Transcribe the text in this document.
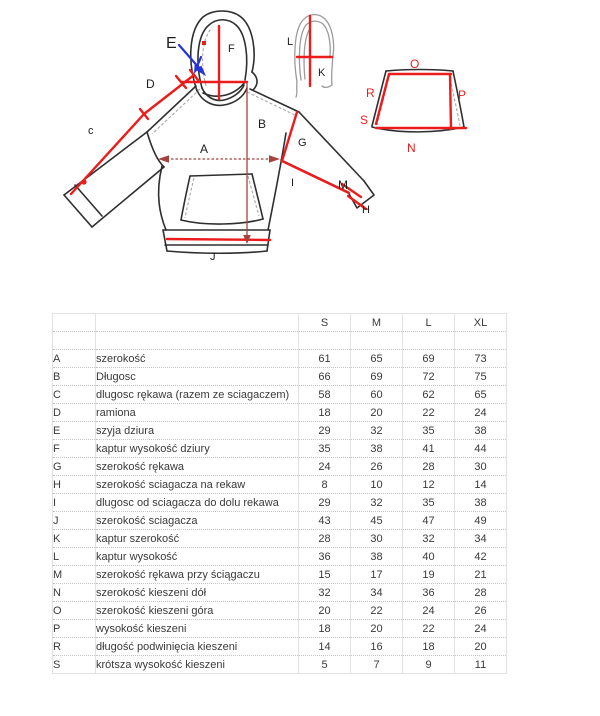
E	F
D
c	B
A	G
I	M
H
J
L
K
O
R	P
S
N
		S	M	L	XL

A	szerokość	61	65	69	73
B	Długosc	66	69	72	75
C	dlugosc rękawa (razem ze sciagaczem)	58	60	62	65
D	ramiona	18	20	22	24
E	szyja dziura	29	32	35	38
F	kaptur wysokość dziury	35	38	41	44
G	szerokość rękawa	24	26	28	30
H	szerokość sciagacza na rekaw	8	10	12	14
I	dlugosc od sciagacza do dolu rekawa	29	32	35	38
J	szerokość sciagacza	43	45	47	49
K	kaptur szerokość	28	30	32	34
L	kaptur wysokość	36	38	40	42
M	szerokość rękawa przy ściągaczu	15	17	19	21
N	szerokość kieszeni dół	32	34	36	28
O	szerokość kieszeni góra	20	22	24	26
P	wysokość kieszeni	18	20	22	24
R	długość podwinięcia kieszeni	14	16	18	20
S	krótsza wysokość kieszeni	5	7	9	11
